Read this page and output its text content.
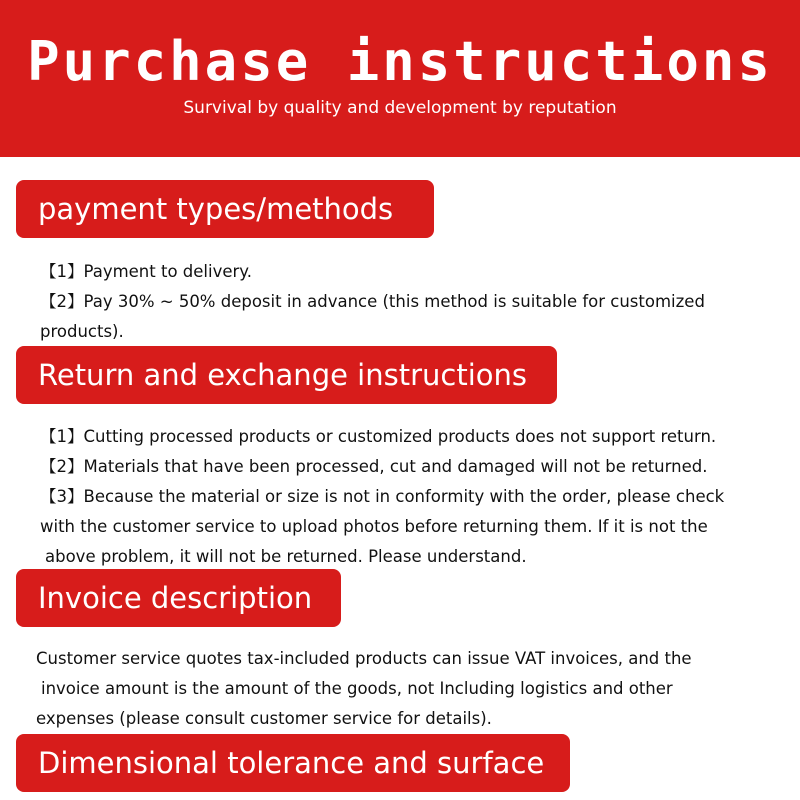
Purchase instructions
Survival by quality and development by reputation
payment types/methods
【1】Payment to delivery.
【2】Pay 30% ~ 50% deposit in advance (this method is suitable for customized
products).
Return and exchange instructions
【1】Cutting processed products or customized products does not support return.
【2】Materials that have been processed, cut and damaged will not be returned.
【3】Because the material or size is not in conformity with the order, please check
with the customer service to upload photos before returning them. If it is not the
above problem, it will not be returned. Please understand.
Invoice description
Customer service quotes tax-included products can issue VAT invoices, and the
invoice amount is the amount of the goods, not Including logistics and other
expenses (please consult customer service for details).
Dimensional tolerance and surface
